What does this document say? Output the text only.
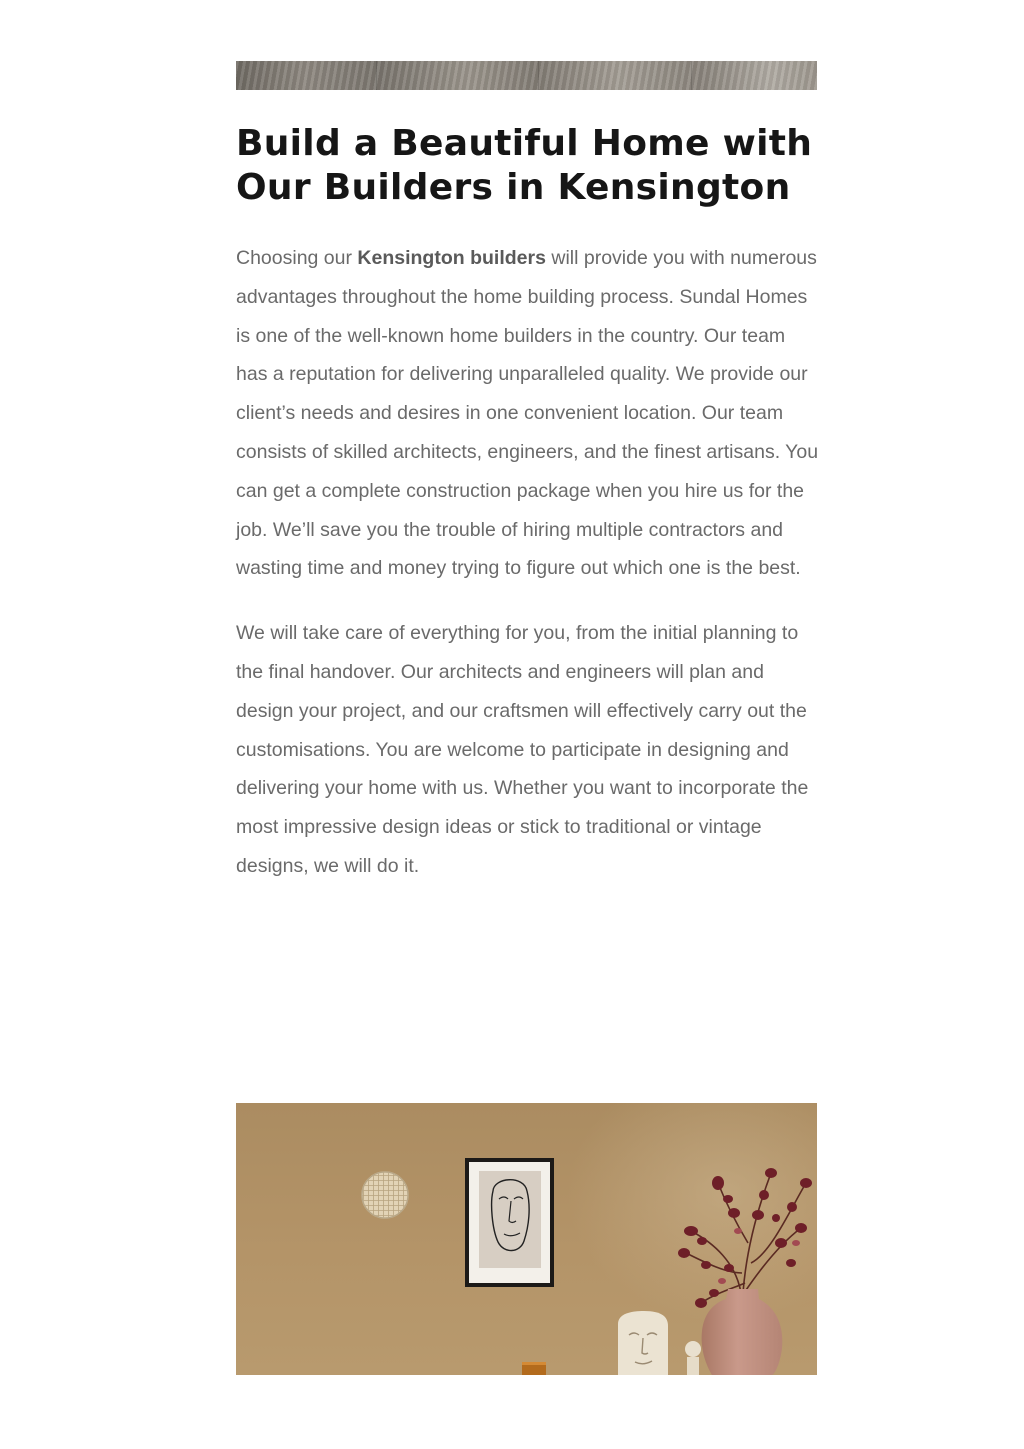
Build a Beautiful Home with Our Builders in Kensington

Choosing our Kensington builders will provide you with numerous advantages throughout the home building process. Sundal Homes is one of the well-known home builders in the country. Our team has a reputation for delivering unparalleled quality. We provide our client’s needs and desires in one convenient location. Our team consists of skilled architects, engineers, and the finest artisans. You can get a complete construction package when you hire us for the job. We’ll save you the trouble of hiring multiple contractors and wasting time and money trying to figure out which one is the best.

We will take care of everything for you, from the initial planning to the final handover. Our architects and engineers will plan and design your project, and our craftsmen will effectively carry out the customisations. You are welcome to participate in designing and delivering your home with us. Whether you want to incorporate the most impressive design ideas or stick to traditional or vintage designs, we will do it.
